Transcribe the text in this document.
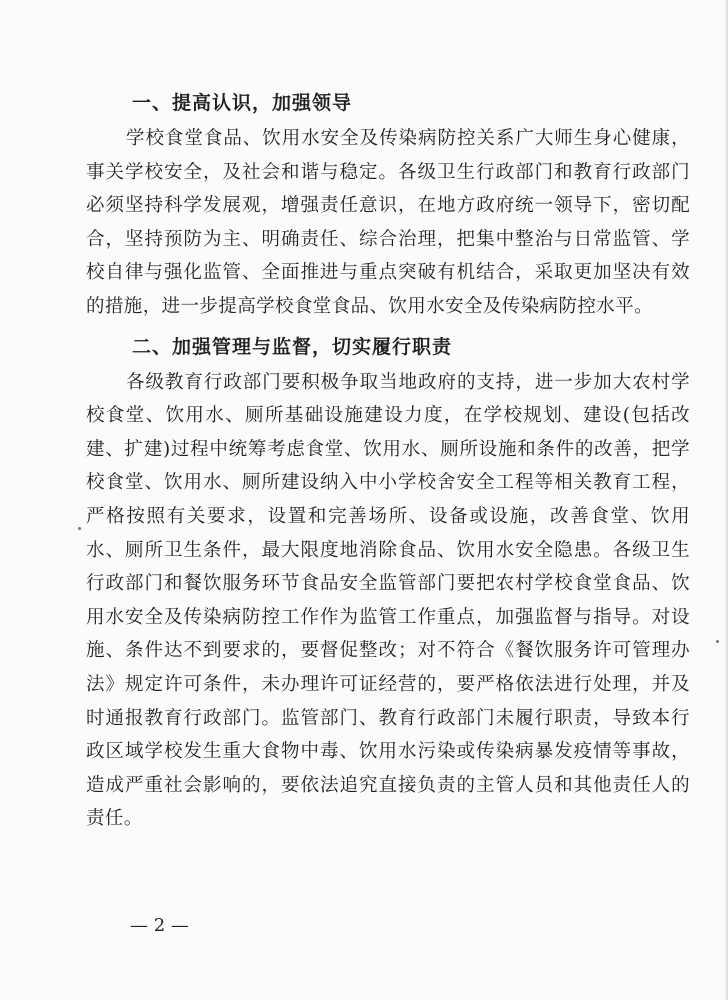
一、提高认识，加强领导

学校食堂食品、饮用水安全及传染病防控关系广大师生身心健康，事关学校安全，及社会和谐与稳定。各级卫生行政部门和教育行政部门必须坚持科学发展观，增强责任意识，在地方政府统一领导下，密切配合，坚持预防为主、明确责任、综合治理，把集中整治与日常监管、学校自律与强化监管、全面推进与重点突破有机结合，采取更加坚决有效的措施，进一步提高学校食堂食品、饮用水安全及传染病防控水平。

二、加强管理与监督，切实履行职责

各级教育行政部门要积极争取当地政府的支持，进一步加大农村学校食堂、饮用水、厕所基础设施建设力度，在学校规划、建设(包括改建、扩建)过程中统筹考虑食堂、饮用水、厕所设施和条件的改善，把学校食堂、饮用水、厕所建设纳入中小学校舍安全工程等相关教育工程，严格按照有关要求，设置和完善场所、设备或设施，改善食堂、饮用水、厕所卫生条件，最大限度地消除食品、饮用水安全隐患。各级卫生行政部门和餐饮服务环节食品安全监管部门要把农村学校食堂食品、饮用水安全及传染病防控工作作为监管工作重点，加强监督与指导。对设施、条件达不到要求的，要督促整改；对不符合《餐饮服务许可管理办法》规定许可条件，未办理许可证经营的，要严格依法进行处理，并及时通报教育行政部门。监管部门、教育行政部门未履行职责，导致本行政区域学校发生重大食物中毒、饮用水污染或传染病暴发疫情等事故，造成严重社会影响的，要依法追究直接负责的主管人员和其他责任人的责任。

— 2 —
